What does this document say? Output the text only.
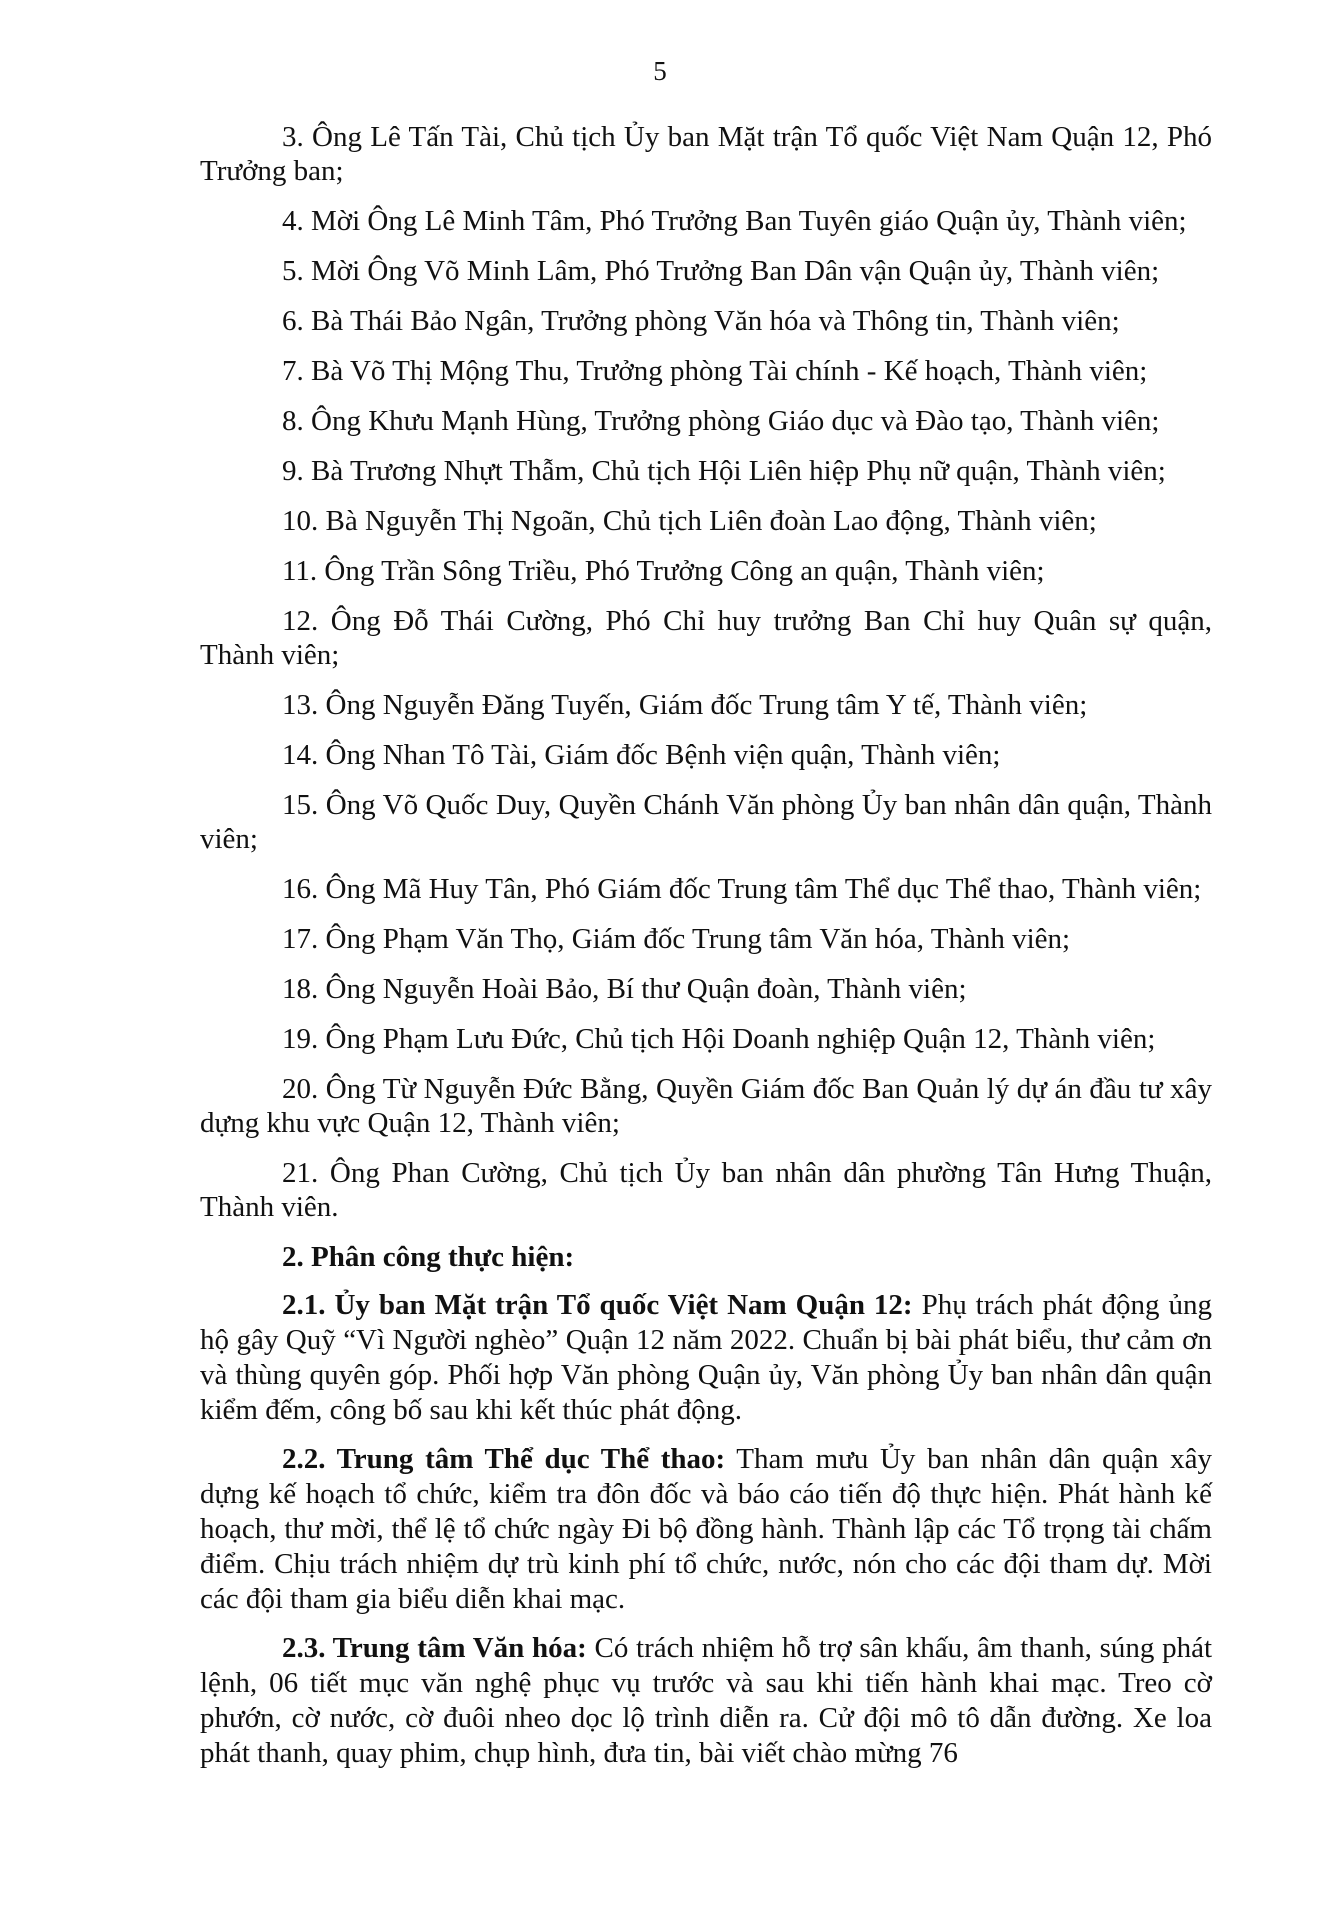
5

3. Ông Lê Tấn Tài, Chủ tịch Ủy ban Mặt trận Tổ quốc Việt Nam Quận 12, Phó Trưởng ban;

4. Mời Ông Lê Minh Tâm, Phó Trưởng Ban Tuyên giáo Quận ủy, Thành viên;

5. Mời Ông Võ Minh Lâm, Phó Trưởng Ban Dân vận Quận ủy, Thành viên;

6. Bà Thái Bảo Ngân, Trưởng phòng Văn hóa và Thông tin, Thành viên;

7. Bà Võ Thị Mộng Thu, Trưởng phòng Tài chính - Kế hoạch, Thành viên;

8. Ông Khưu Mạnh Hùng, Trưởng phòng Giáo dục và Đào tạo, Thành viên;

9. Bà Trương Nhựt Thẫm, Chủ tịch Hội Liên hiệp Phụ nữ quận, Thành viên;

10. Bà Nguyễn Thị Ngoãn, Chủ tịch Liên đoàn Lao động, Thành viên;

11. Ông Trần Sông Triều, Phó Trưởng Công an quận, Thành viên;

12. Ông Đỗ Thái Cường, Phó Chỉ huy trưởng Ban Chỉ huy Quân sự quận, Thành viên;

13. Ông Nguyễn Đăng Tuyến, Giám đốc Trung tâm Y tế, Thành viên;

14. Ông Nhan Tô Tài, Giám đốc Bệnh viện quận, Thành viên;

15. Ông Võ Quốc Duy, Quyền Chánh Văn phòng Ủy ban nhân dân quận, Thành viên;

16. Ông Mã Huy Tân, Phó Giám đốc Trung tâm Thể dục Thể thao, Thành viên;

17. Ông Phạm Văn Thọ, Giám đốc Trung tâm Văn hóa, Thành viên;

18. Ông Nguyễn Hoài Bảo, Bí thư Quận đoàn, Thành viên;

19. Ông Phạm Lưu Đức, Chủ tịch Hội Doanh nghiệp Quận 12, Thành viên;

20. Ông Từ Nguyễn Đức Bằng, Quyền Giám đốc Ban Quản lý dự án đầu tư xây dựng khu vực Quận 12, Thành viên;

21. Ông Phan Cường, Chủ tịch Ủy ban nhân dân phường Tân Hưng Thuận, Thành viên.

2. Phân công thực hiện:

2.1. Ủy ban Mặt trận Tổ quốc Việt Nam Quận 12: Phụ trách phát động ủng hộ gây Quỹ “Vì Người nghèo” Quận 12 năm 2022. Chuẩn bị bài phát biểu, thư cảm ơn và thùng quyên góp. Phối hợp Văn phòng Quận ủy, Văn phòng Ủy ban nhân dân quận kiểm đếm, công bố sau khi kết thúc phát động.

2.2. Trung tâm Thể dục Thể thao: Tham mưu Ủy ban nhân dân quận xây dựng kế hoạch tổ chức, kiểm tra đôn đốc và báo cáo tiến độ thực hiện. Phát hành kế hoạch, thư mời, thể lệ tổ chức ngày Đi bộ đồng hành. Thành lập các Tổ trọng tài chấm điểm. Chịu trách nhiệm dự trù kinh phí tổ chức, nước, nón cho các đội tham dự. Mời các đội tham gia biểu diễn khai mạc.

2.3. Trung tâm Văn hóa: Có trách nhiệm hỗ trợ sân khấu, âm thanh, súng phát lệnh, 06 tiết mục văn nghệ phục vụ trước và sau khi tiến hành khai mạc. Treo cờ phướn, cờ nước, cờ đuôi nheo dọc lộ trình diễn ra. Cử đội mô tô dẫn đường. Xe loa phát thanh, quay phim, chụp hình, đưa tin, bài viết chào mừng 76
